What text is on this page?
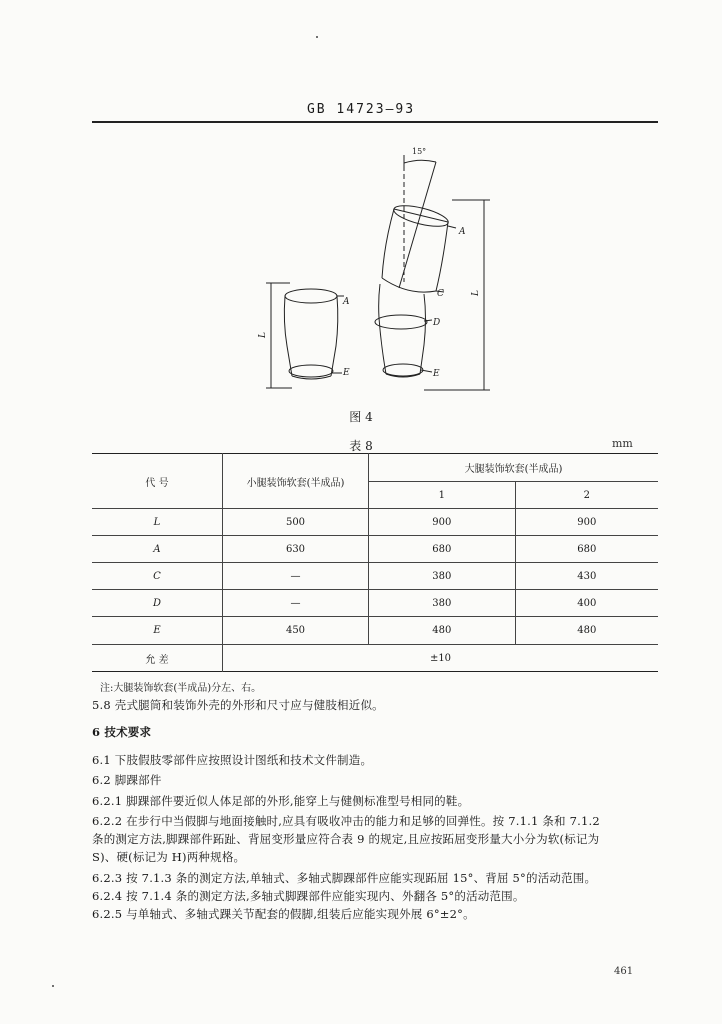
GB 14723—93
15°
L
A
E
A
C	L
D
E
图 4
表 8	mm
代 号	小腿装饰软套(半成品)	大腿装饰软套(半成品)	
		1	2
L	500	900	900
A	630	680	680
C	—	380	430
D	—	380	400
E	450	480	480
允 差	±10		
注:大腿装饰软套(半成品)分左、右。
5.8 壳式腿筒和装饰外壳的外形和尺寸应与健肢相近似。
6 技术要求
6.1 下肢假肢零部件应按照设计图纸和技术文件制造。
6.2 脚踝部件
6.2.1 脚踝部件要近似人体足部的外形,能穿上与健侧标准型号相同的鞋。
6.2.2 在步行中当假脚与地面接触时,应具有吸收冲击的能力和足够的回弹性。按 7.1.1 条和 7.1.2
条的测定方法,脚踝部件跖趾、背屈变形量应符合表 9 的规定,且应按跖屈变形量大小分为软(标记为
S)、硬(标记为 H)两种规格。
6.2.3 按 7.1.3 条的测定方法,单轴式、多轴式脚踝部件应能实现跖屈 15°、背屈 5°的活动范围。
6.2.4 按 7.1.4 条的测定方法,多轴式脚踝部件应能实现内、外翻各 5°的活动范围。
6.2.5 与单轴式、多轴式踝关节配套的假脚,组装后应能实现外展 6°±2°。
461
